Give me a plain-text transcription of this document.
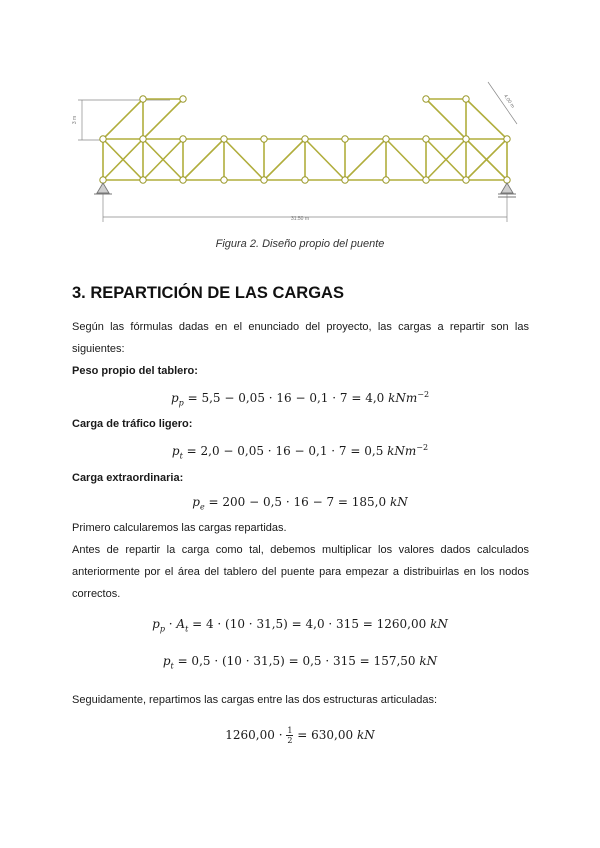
3 m
31.50 m
4.00 m
Figura 2. Diseño propio del puente
3. REPARTICIÓN DE LAS CARGAS
Según las fórmulas dadas en el enunciado del proyecto, las cargas a repartir son las siguientes:
Peso propio del tablero:
$p_p = 5,5 - 0,05 \cdot 16 - 0,1 \cdot 7 = 4,0$ kNm$^{-2}$
Carga de tráfico ligero:
$p_t = 2,0 - 0,05 \cdot 16 - 0,1 \cdot 7 = 0,5$ kNm$^{-2}$
Carga extraordinaria:
$p_e = 200 - 0,5 \cdot 16 - 7 = 185,0$ kN
Primero calcularemos las cargas repartidas.
Antes de repartir la carga como tal, debemos multiplicar los valores dados calculados anteriormente por el área del tablero del puente para empezar a distribuirlas en los nodos correctos.
$p_p \cdot A_t = 4 \cdot (10 \cdot 31,5) = 4,0 \cdot 315 = 1260,00$ kN
$p_t = 0,5 \cdot (10 \cdot 31,5) = 0,5 \cdot 315 = 157,50$ kN
Seguidamente, repartimos las cargas entre las dos estructuras articuladas:
$1260,00 \cdot \frac{1}{2} = 630,00$ kN
